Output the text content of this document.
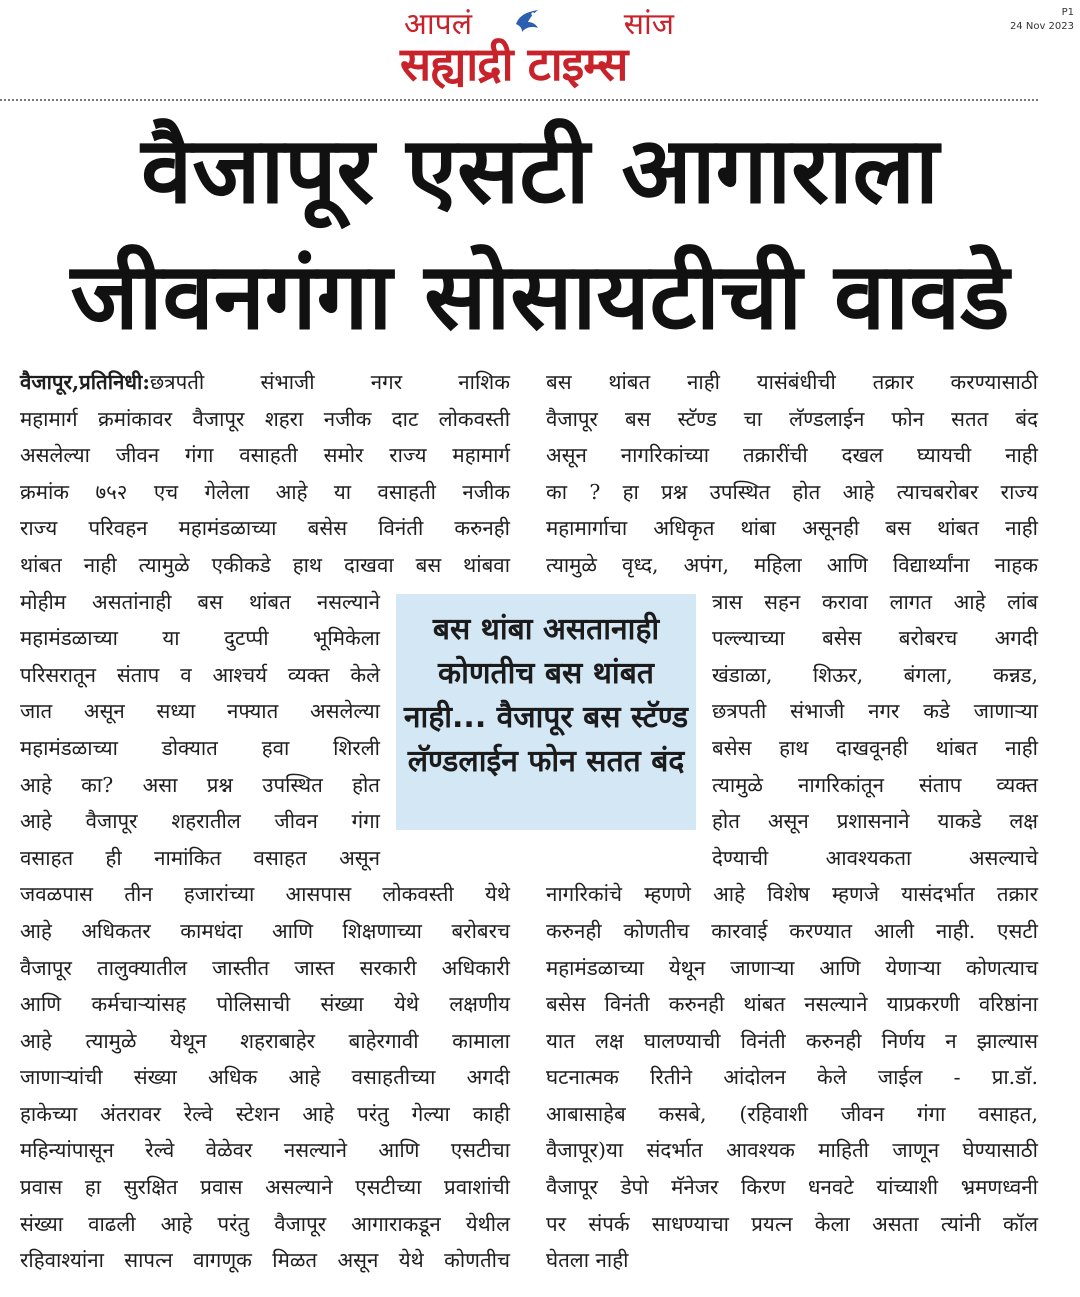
आपलं	सांज
सह्याद्री टाइम्स
P1
24 Nov 2023
वैजापूर एसटी आगाराला
जीवनगंगा सोसायटीची वावडे

वैजापूर,प्रतिनिधी:छत्रपती संभाजी नगर नाशिक

महामार्ग क्रमांकावर वैजापूर शहरा नजीक दाट लोकवस्ती

असलेल्या जीवन गंगा वसाहती समोर राज्य महामार्ग

क्रमांक ७५२ एच गेलेला आहे या वसाहती नजीक

राज्य परिवहन महामंडळाच्या बसेस विनंती करुनही

थांबत नाही त्यामुळे एकीकडे हाथ दाखवा बस थांबवा

मोहीम असतांनाही बस थांबत नसल्याने

महामंडळाच्या या दुटप्पी भूमिकेला

परिसरातून संताप व आश्चर्य व्यक्त केले

जात असून सध्या नफ्यात असलेल्या

महामंडळाच्या डोक्यात हवा शिरली

आहे का? असा प्रश्न उपस्थित होत

आहे वैजापूर शहरातील जीवन गंगा

वसाहत ही नामांकित वसाहत असून

जवळपास तीन हजारांच्या आसपास लोकवस्ती येथे

आहे अधिकतर कामधंदा आणि शिक्षणाच्या बरोबरच

वैजापूर तालुक्यातील जास्तीत जास्त सरकारी अधिकारी

आणि कर्मचाऱ्यांसह पोलिसाची संख्या येथे लक्षणीय

आहे त्यामुळे येथून शहराबाहेर बाहेरगावी कामाला

जाणाऱ्यांची संख्या अधिक आहे वसाहतीच्या अगदी

हाकेच्या अंतरावर रेल्वे स्टेशन आहे परंतु गेल्या काही

महिन्यांपासून रेल्वे वेळेवर नसल्याने आणि एसटीचा

प्रवास हा सुरक्षित प्रवास असल्याने एसटीच्या प्रवाशांची

संख्या वाढली आहे परंतु वैजापूर आगाराकडून येथील

रहिवाश्यांना सापत्न वागणूक मिळत असून येथे कोणतीच

बस थांबा असतानाही कोणतीच बस थांबत नाही... वैजापूर बस स्टॅण्ड लॅण्डलाईन फोन सतत बंद

बस थांबत नाही यासंबंधीची तक्रार करण्यासाठी

वैजापूर बस स्टॅण्ड चा लॅण्डलाईन फोन सतत बंद

असून नागरिकांच्या तक्रारींची दखल घ्यायची नाही

का ? हा प्रश्न उपस्थित होत आहे त्याचबरोबर राज्य

महामार्गाचा अधिकृत थांबा असूनही बस थांबत नाही

त्यामुळे वृध्द, अपंग, महिला आणि विद्यार्थ्यांना नाहक

त्रास सहन करावा लागत आहे लांब

पल्ल्याच्या बसेस बरोबरच अगदी

खंडाळा, शिऊर, बंगला, कन्नड,

छत्रपती संभाजी नगर कडे जाणाऱ्या

बसेस हाथ दाखवूनही थांबत नाही

त्यामुळे नागरिकांतून संताप व्यक्त

होत असून प्रशासनाने याकडे लक्ष

देण्याची आवश्यकता असल्याचे

नागरिकांचे म्हणणे आहे विशेष म्हणजे यासंदर्भात तक्रार

करुनही कोणतीच कारवाई करण्यात आली नाही. एसटी

महामंडळाच्या येथून जाणाऱ्या आणि येणाऱ्या कोणत्याच

बसेस विनंती करुनही थांबत नसल्याने याप्रकरणी वरिष्ठांना

यात लक्ष घालण्याची विनंती करुनही निर्णय न झाल्यास

घटनात्मक रितीने आंदोलन केले जाईल - प्रा.डॉ.

आबासाहेब कसबे, (रहिवाशी जीवन गंगा वसाहत,

वैजापूर)या संदर्भात आवश्यक माहिती जाणून घेण्यासाठी

वैजापूर डेपो मॅनेजर किरण धनवटे यांच्याशी भ्रमणध्वनी

पर संपर्क साधण्याचा प्रयत्न केला असता त्यांनी कॉल

घेतला नाही
